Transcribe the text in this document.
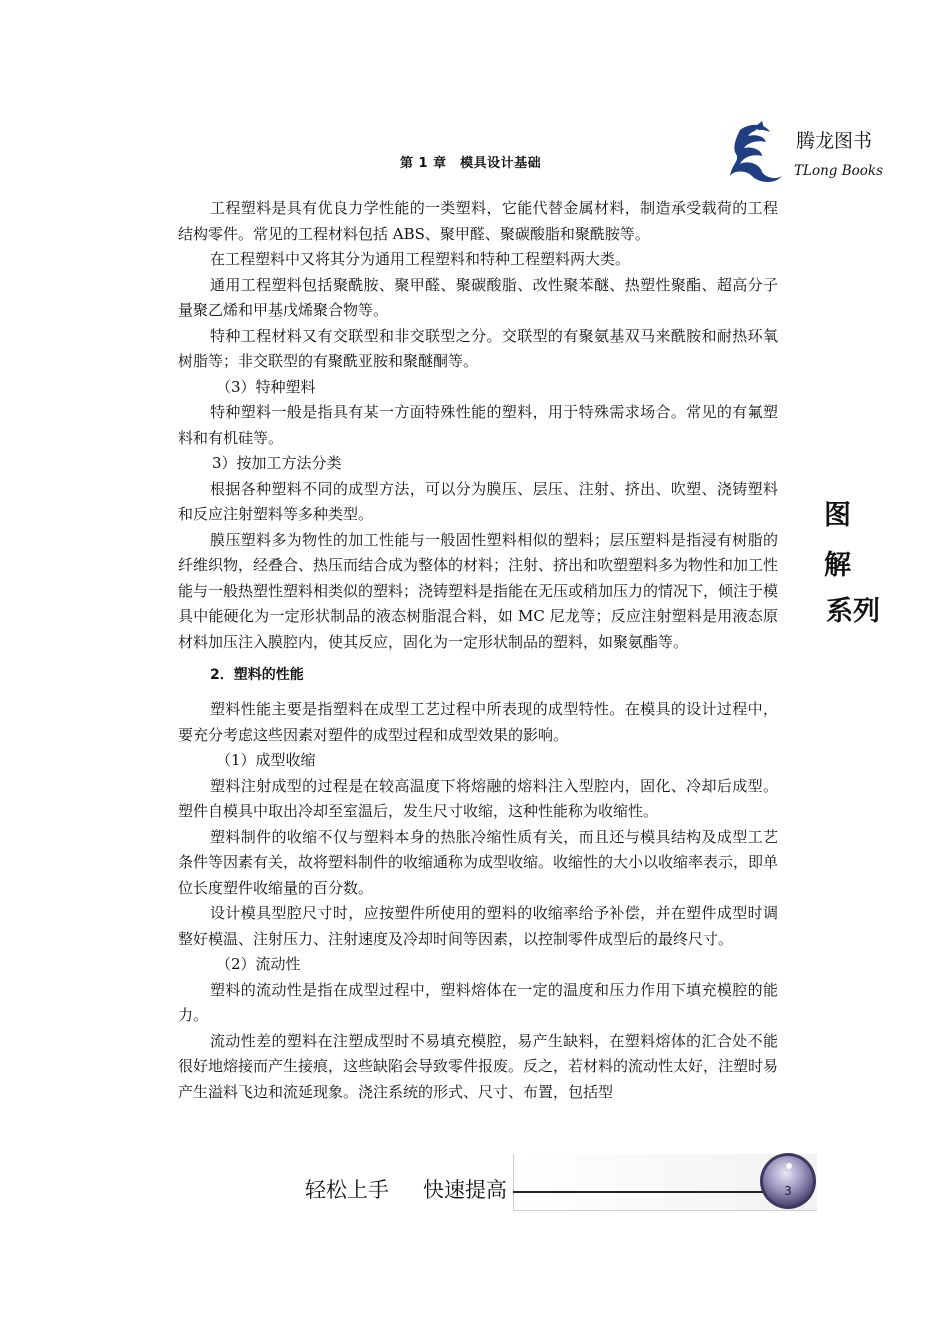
第 1 章　模具设计基础
腾龙图书
TLong Books
图
解
系列

工程塑料是具有优良力学性能的一类塑料，它能代替金属材料，制造承受载荷的工程结构零件。常见的工程材料包括 ABS、聚甲醛、聚碳酸脂和聚酰胺等。

在工程塑料中又将其分为通用工程塑料和特种工程塑料两大类。

通用工程塑料包括聚酰胺、聚甲醛、聚碳酸脂、改性聚苯醚、热塑性聚酯、超高分子量聚乙烯和甲基戊烯聚合物等。

特种工程材料又有交联型和非交联型之分。交联型的有聚氨基双马来酰胺和耐热环氧树脂等；非交联型的有聚酰亚胺和聚醚酮等。

（3）特种塑料

特种塑料一般是指具有某一方面特殊性能的塑料，用于特殊需求场合。常见的有氟塑料和有机硅等。

3）按加工方法分类

根据各种塑料不同的成型方法，可以分为膜压、层压、注射、挤出、吹塑、浇铸塑料和反应注射塑料等多种类型。

膜压塑料多为物性的加工性能与一般固性塑料相似的塑料；层压塑料是指浸有树脂的纤维织物，经叠合、热压而结合成为整体的材料；注射、挤出和吹塑塑料多为物性和加工性能与一般热塑性塑料相类似的塑料；浇铸塑料是指能在无压或稍加压力的情况下，倾注于模具中能硬化为一定形状制品的液态树脂混合料，如 MC 尼龙等；反应注射塑料是用液态原材料加压注入膜腔内，使其反应，固化为一定形状制品的塑料，如聚氨酯等。

2．塑料的性能

塑料性能主要是指塑料在成型工艺过程中所表现的成型特性。在模具的设计过程中，要充分考虑这些因素对塑件的成型过程和成型效果的影响。

（1）成型收缩

塑料注射成型的过程是在较高温度下将熔融的熔料注入型腔内，固化、冷却后成型。塑件自模具中取出冷却至室温后，发生尺寸收缩，这种性能称为收缩性。

塑料制件的收缩不仅与塑料本身的热胀冷缩性质有关，而且还与模具结构及成型工艺条件等因素有关，故将塑料制件的收缩通称为成型收缩。收缩性的大小以收缩率表示，即单位长度塑件收缩量的百分数。

设计模具型腔尺寸时，应按塑件所使用的塑料的收缩率给予补偿，并在塑件成型时调整好模温、注射压力、注射速度及冷却时间等因素，以控制零件成型后的最终尺寸。

（2）流动性

塑料的流动性是指在成型过程中，塑料熔体在一定的温度和压力作用下填充模腔的能力。

流动性差的塑料在注塑成型时不易填充模腔，易产生缺料，在塑料熔体的汇合处不能很好地熔接而产生接痕，这些缺陷会导致零件报废。反之，若材料的流动性太好，注塑时易产生溢料飞边和流延现象。浇注系统的形式、尺寸、布置，包括型

轻松上手 快速提高	3
